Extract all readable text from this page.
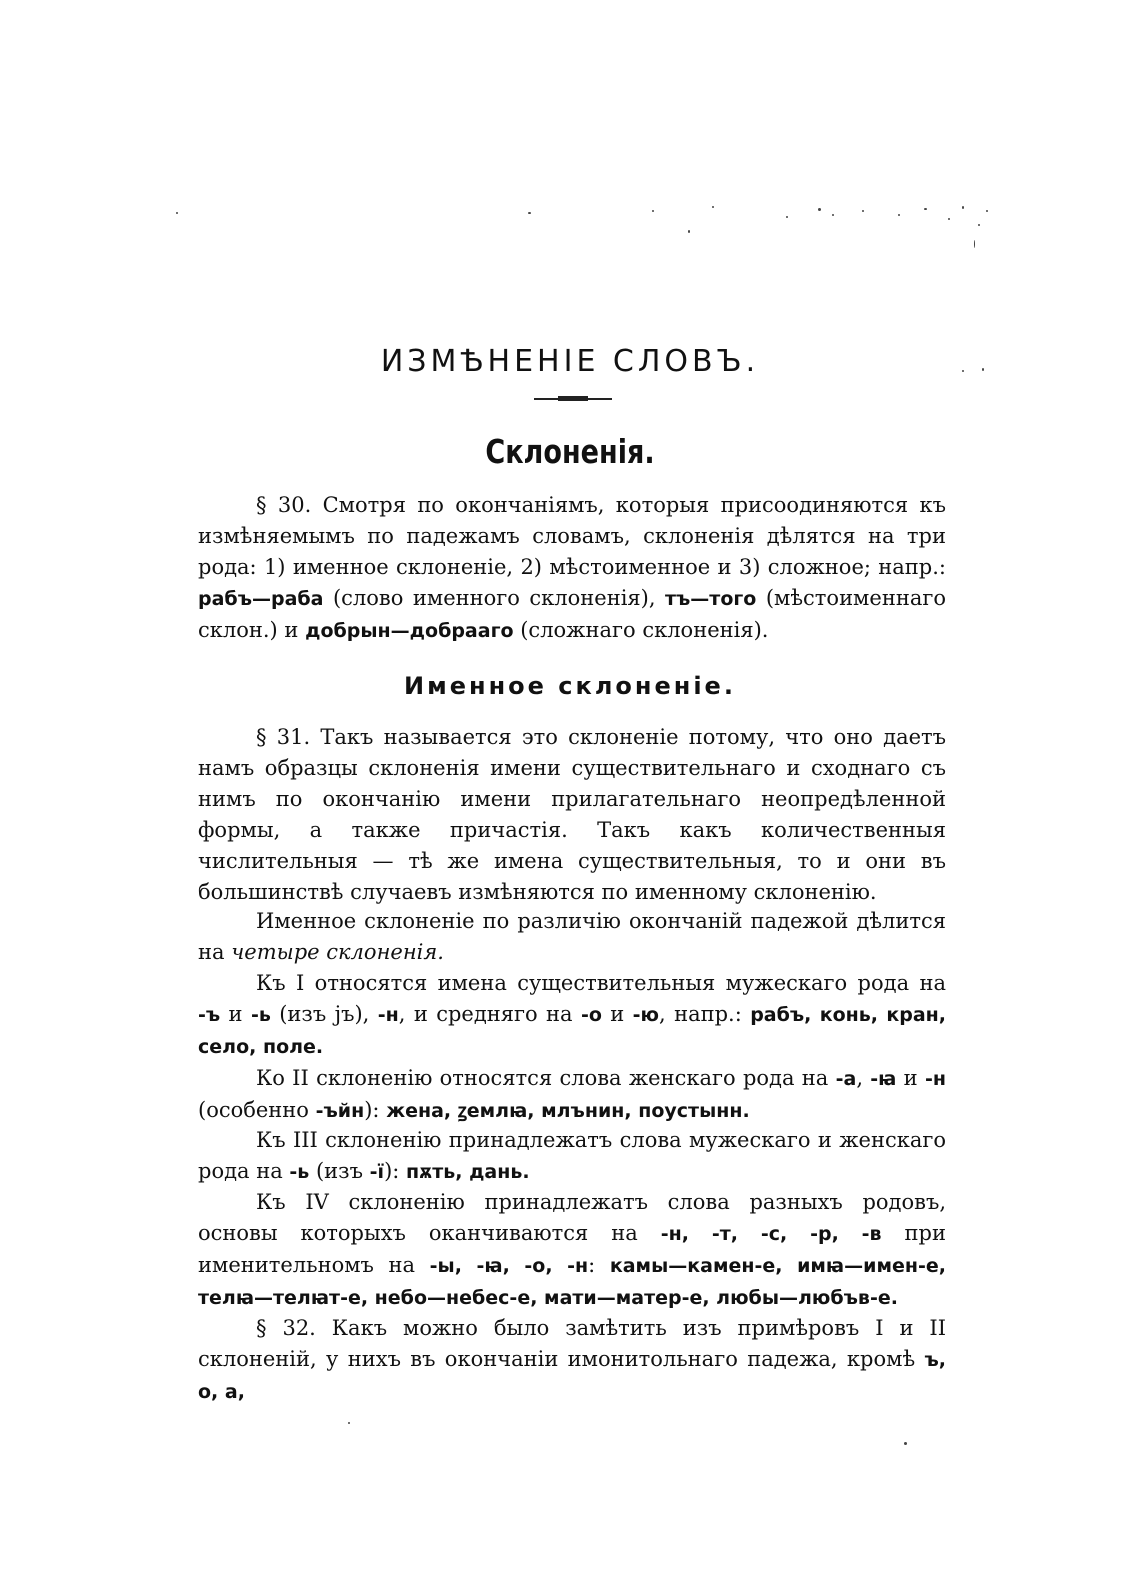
ИЗМѢНЕНІЕ СЛОВЪ.
Склоненія.
§ 30. Смотря по окончаніямъ, которыя присоодиняются къ измѣняемымъ по падежамъ словамъ, склоненія дѣлятся на три рода: 1) именное склоненіе, 2) мѣстоименное и 3) сложное; напр.: рабъ—раба (слово именного склоненія), тъ—того (мѣстоименнаго склон.) и добрын—добрааго (сложнаго склоненія).
Именное склоненіе.
§ 31. Такъ называется это склоненіе потому, что оно даетъ намъ образцы склоненія имени существительнаго и сходнаго съ нимъ по окончанію имени прилагательнаго неопредѣленной формы, а также причастія. Такъ какъ количественныя числительныя — тѣ же имена существительныя, то и они въ большинствѣ случаевъ измѣняются по именному склоненію.
Именное склоненіе по различію окончаній падежой дѣлится на четыре склоненія.
Къ I относятся имена существительныя мужескаго рода на -ъ и -ь (изъ јъ), -н, и средняго на -о и -ю, напр.: рабъ, конь, кран, село, поле.
Ко II склоненію относятся слова женскаго рода на -а, -ꙗ и -н (особенно -ъйн): жена, ꙁемлꙗ, млънин, поустынн.
Къ III склоненію принадлежатъ слова мужескаго и женскаго рода на -ь (изъ -ї): пѫть, дань.
Къ IV склоненію принадлежатъ слова разныхъ родовъ, основы которыхъ оканчиваются на -н, -т, -с, -р, -в при именительномъ на -ы, -ꙗ, -о, -н: камы—камен-е, имꙗ—имен-е, телꙗ—телꙗт-е, небо—небес-е, мати—матер-е, любы—любъв-е.
§ 32. Какъ можно было замѣтить изъ примѣровъ I и II склоненій, у нихъ въ окончаніи имонитольнаго падежа, кромѣ ъ, о, а,
